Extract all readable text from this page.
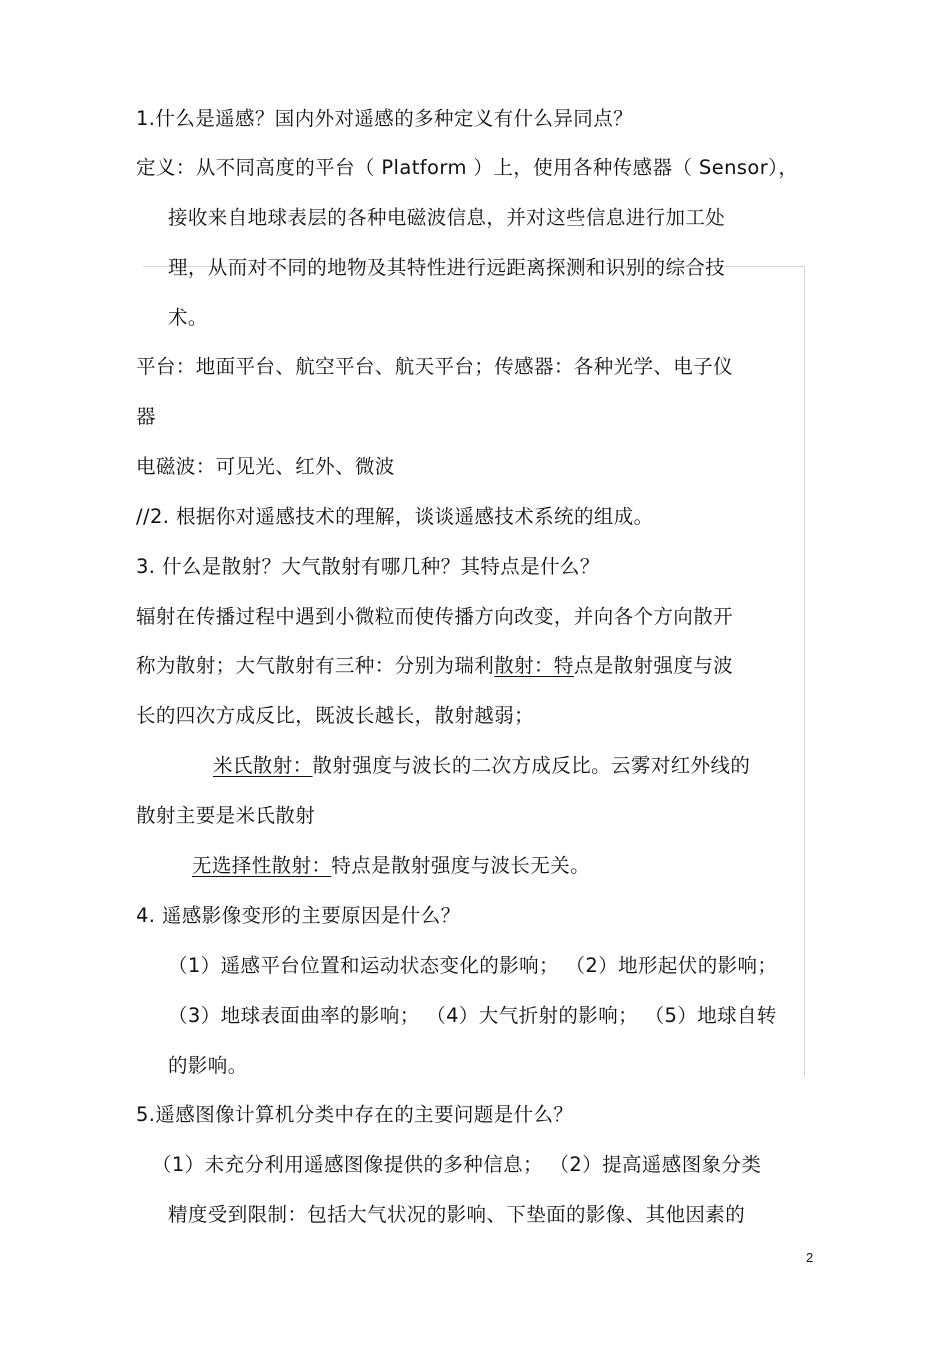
1.什么是遥感？国内外对遥感的多种定义有什么异同点？
定义：从不同高度的平台（ Platform ）上，使用各种传感器（ Sensor），
接收来自地球表层的各种电磁波信息，并对这些信息进行加工处
理，从而对不同的地物及其特性进行远距离探测和识别的综合技
术。
平台：地面平台、航空平台、航天平台；传感器：各种光学、电子仪
器
电磁波：可见光、红外、微波
//2. 根据你对遥感技术的理解，谈谈遥感技术系统的组成。
3. 什么是散射？大气散射有哪几种？其特点是什么？
辐射在传播过程中遇到小微粒而使传播方向改变，并向各个方向散开
称为散射；大气散射有三种：分别为瑞利散射：特点是散射强度与波
长的四次方成反比，既波长越长，散射越弱；
米氏散射：散射强度与波长的二次方成反比。云雾对红外线的
散射主要是米氏散射
无选择性散射：特点是散射强度与波长无关。
4. 遥感影像变形的主要原因是什么？
（1）遥感平台位置和运动状态变化的影响； （2）地形起伏的影响；
（3）地球表面曲率的影响； （4）大气折射的影响； （5）地球自转
的影响。
5.遥感图像计算机分类中存在的主要问题是什么？
（1）未充分利用遥感图像提供的多种信息； （2）提高遥感图象分类
精度受到限制：包括大气状况的影响、下垫面的影像、其他因素的
2
